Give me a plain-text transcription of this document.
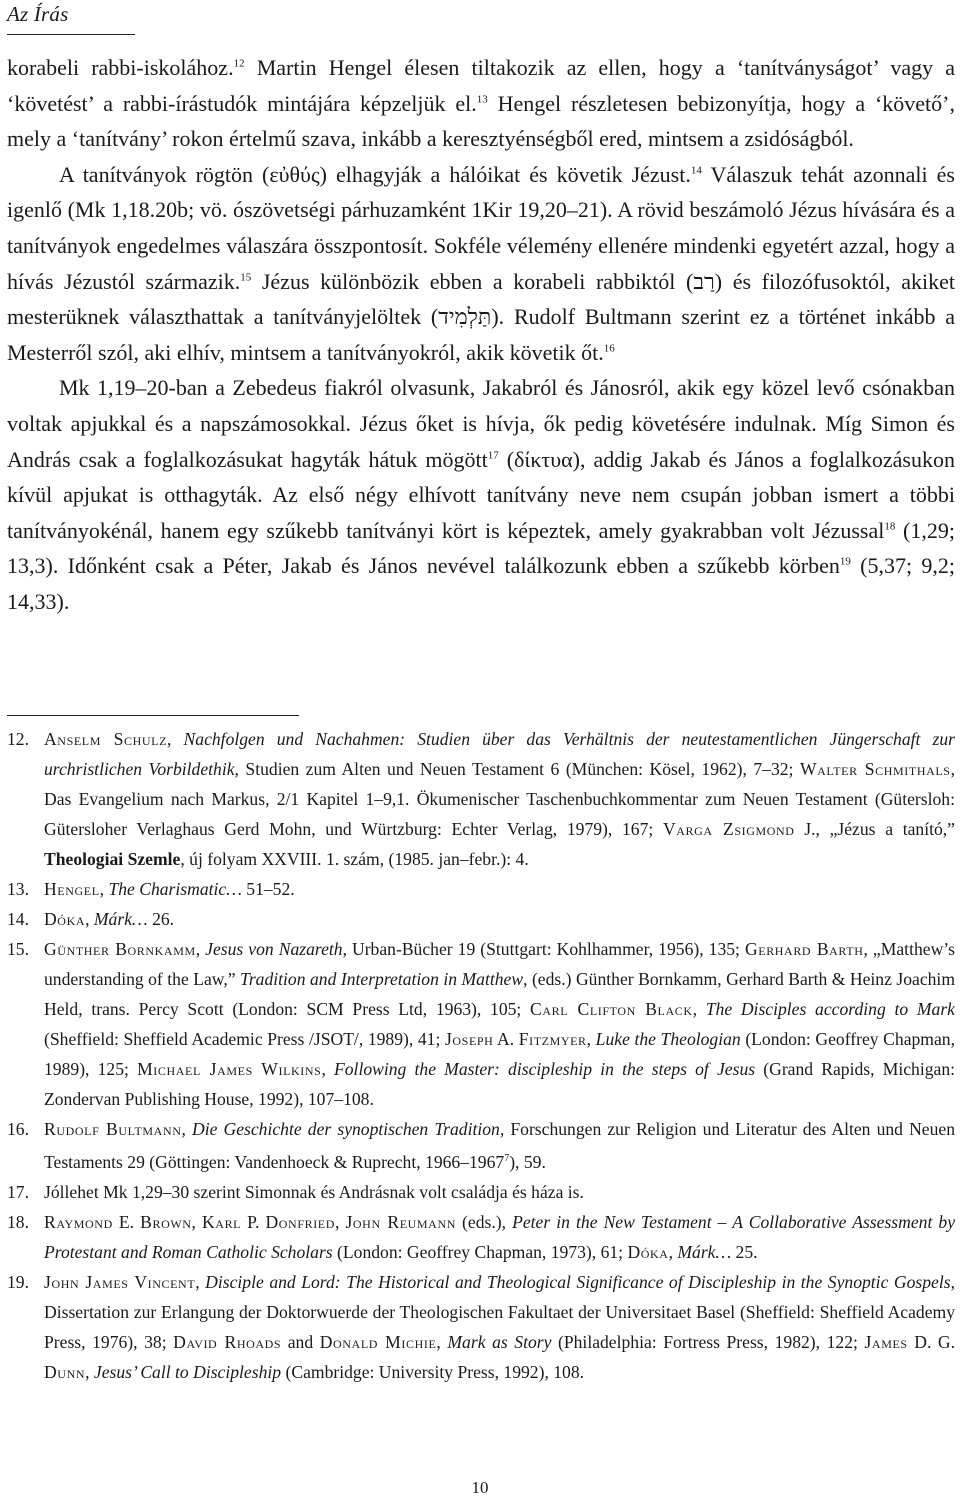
Az Írás

korabeli rabbi-iskolához.$^{12}$ Martin Hengel élesen tiltakozik az ellen, hogy a ‘tanítványságot’ vagy a ‘követést’ a rabbi-írástudók mintájára képzeljük el.$^{13}$ Hengel részletesen bebizonyítja, hogy a ‘követő’, mely a ‘tanítvány’ rokon értelmű szava, inkább a keresztyénségből ered, mintsem a zsidóságból.

A tanítványok rögtön (εὐθύς) elhagyják a hálóikat és követik Jézust.$^{14}$ Válaszuk tehát azonnali és igenlő (Mk 1,18.20b; vö. ószövetségi párhuzamként 1Kir 19,20–21). A rövid beszámoló Jézus hívására és a tanítványok engedelmes válaszára összpontosít. Sokféle vélemény ellenére mindenki egyetért azzal, hogy a hívás Jézustól származik.$^{15}$ Jézus különbözik ebben a korabeli rabbiktól (רַב) és filozófusoktól, akiket mesterüknek választhattak a tanítványjelöltek (תַּלְמִיד). Rudolf Bultmann szerint ez a történet inkább a Mesterről szól, aki elhív, mintsem a tanítványokról, akik követik őt.$^{16}$

Mk 1,19–20-ban a Zebedeus fiakról olvasunk, Jakabról és Jánosról, akik egy közel levő csónakban voltak apjukkal és a napszámosokkal. Jézus őket is hívja, ők pedig követésére indulnak. Míg Simon és András csak a foglalkozásukat hagyták hátuk mögött$^{17}$ (δίκτυα), addig Jakab és János a foglalkozásukon kívül apjukat is otthagyták. Az első négy elhívott tanítvány neve nem csupán jobban ismert a többi tanítványokénál, hanem egy szűkebb tanítványi kört is képeztek, amely gyakrabban volt Jézussal$^{18}$ (1,29; 13,3). Időnként csak a Péter, Jakab és János nevével találkozunk ebben a szűkebb körben$^{19}$ (5,37; 9,2; 14,33).

12. Anselm Schulz, Nachfolgen und Nachahmen: Studien über das Verhältnis der neutestamentlichen Jüngerschaft zur urchristlichen Vorbildethik, Studien zum Alten und Neuen Testament 6 (München: Kösel, 1962), 7–32; Walter Schmithals, Das Evangelium nach Markus, 2/1 Kapitel 1–9,1. Ökumenischer Taschenbuchkommentar zum Neuen Testament (Gütersloh: Gütersloher Verlaghaus Gerd Mohn, und Würtzburg: Echter Verlag, 1979), 167; Varga Zsigmond J., „Jézus a tanító,” Theologiai Szemle, új folyam XXVIII. 1. szám, (1985. jan–febr.): 4.
13. Hengel, The Charismatic… 51–52.
14. Dóka, Márk… 26.
15. Günther Bornkamm, Jesus von Nazareth, Urban-Bücher 19 (Stuttgart: Kohlhammer, 1956), 135; Gerhard Barth, „Matthew’s understanding of the Law,” Tradition and Interpretation in Matthew, (eds.) Günther Bornkamm, Gerhard Barth & Heinz Joachim Held, trans. Percy Scott (London: SCM Press Ltd, 1963), 105; Carl Clifton Black, The Disciples according to Mark (Sheffield: Sheffield Academic Press /JSOT/, 1989), 41; Joseph A. Fitzmyer, Luke the Theologian (London: Geoffrey Chapman, 1989), 125; Michael James Wilkins, Following the Master: discipleship in the steps of Jesus (Grand Rapids, Michigan: Zondervan Publishing House, 1992), 107–108.
16. Rudolf Bultmann, Die Geschichte der synoptischen Tradition, Forschungen zur Religion und Literatur des Alten und Neuen Testaments 29 (Göttingen: Vandenhoeck & Ruprecht, 1966–1967$^7$), 59.
17. Jóllehet Mk 1,29–30 szerint Simonnak és Andrásnak volt családja és háza is.
18. Raymond E. Brown, Karl P. Donfried, John Reumann (eds.), Peter in the New Testament – A Collaborative Assessment by Protestant and Roman Catholic Scholars (London: Geoffrey Chapman, 1973), 61; Dóka, Márk… 25.
19. John James Vincent, Disciple and Lord: The Historical and Theological Significance of Discipleship in the Synoptic Gospels, Dissertation zur Erlangung der Doktorwuerde der Theologischen Fakultaet der Universitaet Basel (Sheffield: Sheffield Academy Press, 1976), 38; David Rhoads and Donald Michie, Mark as Story (Philadelphia: Fortress Press, 1982), 122; James D. G. Dunn, Jesus’ Call to Discipleship (Cambridge: University Press, 1992), 108.
10
